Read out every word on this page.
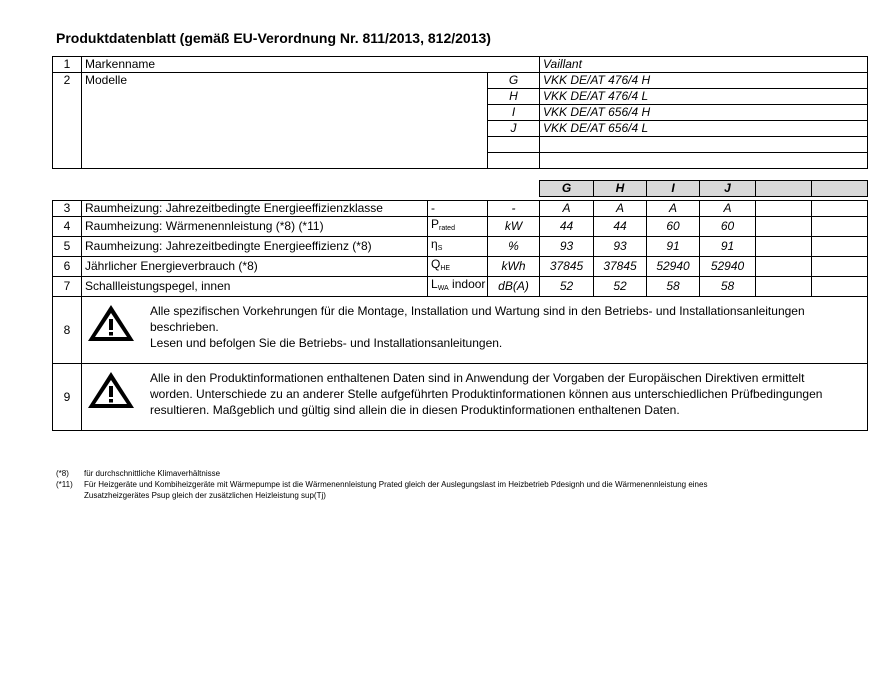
Produktdatenblatt (gemäß EU-Verordnung Nr. 811/2013, 812/2013)
1	Markenname		Vaillant
2	Modelle	G	VKK DE/AT 476/4 H
		H	VKK DE/AT 476/4 L
		I	VKK DE/AT 656/4 H
		J	VKK DE/AT 656/4 L

				G	H	I	J		

3	Raumheizung: Jahrezeitbedingte Energieeffizienzklasse	-	-	A	A	A	A		
4	Raumheizung: Wärmenennleistung (*8) (*11)	$P_{rated}$	kW	44	44	60	60		
5	Raumheizung: Jahrezeitbedingte Energieeffizienz (*8)	$\eta_S$	%	93	93	91	91		
6	Jährlicher Energieverbrauch (*8)	$Q_{HE}$	kWh	37845	37845	52940	52940		
7	Schallleistungspegel, innen	$L_{WA}$ indoor	dB(A)	52	52	58	58		
8	Alle spezifischen Vorkehrungen für die Montage, Installation und Wartung sind in den Betriebs- und Installationsanleitungen
beschrieben.
Lesen und befolgen Sie die Betriebs- und Installationsanleitungen.								

9	Alle in den Produktinformationen enthaltenen Daten sind in Anwendung der Vorgaben der Europäischen Direktiven ermittelt
worden. Unterschiede zu an anderer Stelle aufgeführten Produktinformationen können aus unterschiedlichen Prüfbedingungen
resultieren. Maßgeblich und gültig sind allein die in diesen Produktinformationen enthaltenen Daten.								
(*8)	für durchschnittliche Klimaverhältnisse
(*11)	Für Heizgeräte und Kombiheizgeräte mit Wärmepumpe ist die Wärmenennleistung Prated gleich der Auslegungslast im Heizbetrieb Pdesignh und die Wärmenennleistung eines
Zusatzheizgerätes Psup gleich der zusätzlichen Heizleistung sup(Tj)
